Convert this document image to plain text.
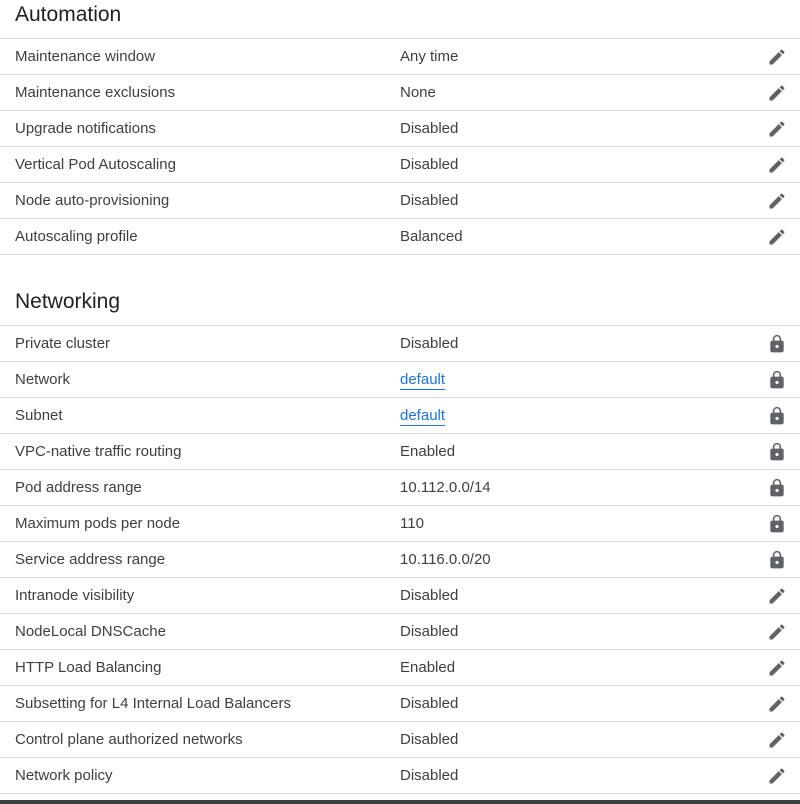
Automation
Maintenance window	Any time
Maintenance exclusions	None
Upgrade notifications	Disabled
Vertical Pod Autoscaling	Disabled
Node auto-provisioning	Disabled
Autoscaling profile	Balanced
Networking
Private cluster	Disabled
Network	default
Subnet	default
VPC-native traffic routing	Enabled
Pod address range	10.112.0.0/14
Maximum pods per node	110
Service address range	10.116.0.0/20
Intranode visibility	Disabled
NodeLocal DNSCache	Disabled
HTTP Load Balancing	Enabled
Subsetting for L4 Internal Load Balancers	Disabled
Control plane authorized networks	Disabled
Network policy	Disabled
